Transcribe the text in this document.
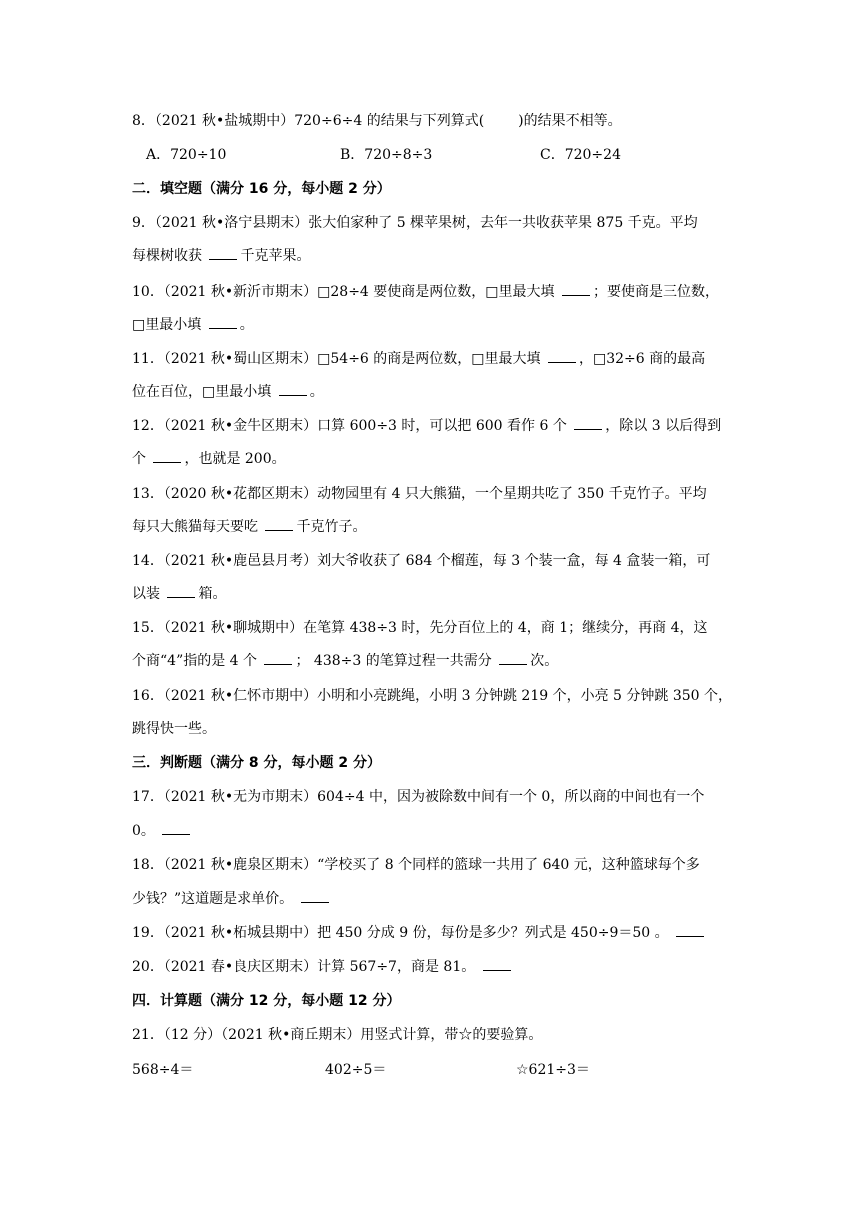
8．（2021 秋•盐城期中）720÷6÷4 的结果与下列算式( )的结果不相等。
A．720÷10	B．720÷8÷3	C．720÷24
二．填空题（满分 16 分，每小题 2 分）
9．（2021 秋•洛宁县期末）张大伯家种了 5 棵苹果树，去年一共收获苹果 875 千克。平均
每棵树收获 千克苹果。
10．（2021 秋•新沂市期末）□28÷4 要使商是两位数，□里最大填 ；要使商是三位数，
□里最小填 。
11．（2021 秋•蜀山区期末）□54÷6 的商是两位数，□里最大填 ，□32÷6 商的最高
位在百位，□里最小填 。
12．（2021 秋•金牛区期末）口算 600÷3 时，可以把 600 看作 6 个 ，除以 3 以后得到
个 ，也就是 200。
13．（2020 秋•花都区期末）动物园里有 4 只大熊猫，一个星期共吃了 350 千克竹子。平均
每只大熊猫每天要吃 千克竹子。
14．（2021 秋•鹿邑县月考）刘大爷收获了 684 个榴莲，每 3 个装一盒，每 4 盒装一箱，可
以装 箱。
15．（2021 秋•聊城期中）在笔算 438÷3 时，先分百位上的 4，商 1；继续分，再商 4，这
个商“4”指的是 4 个 ； 438÷3 的笔算过程一共需分 次。
16．（2021 秋•仁怀市期中）小明和小亮跳绳，小明 3 分钟跳 219 个，小亮 5 分钟跳 350 个，
跳得快一些。
三．判断题（满分 8 分，每小题 2 分）
17．（2021 秋•无为市期末）604÷4 中，因为被除数中间有一个 0，所以商的中间也有一个
0。
18．（2021 秋•鹿泉区期末）“学校买了 8 个同样的篮球一共用了 640 元，这种篮球每个多
少钱？”这道题是求单价。
19．（2021 秋•柘城县期中）把 450 分成 9 份，每份是多少？列式是 450÷9＝50 。
20．（2021 春•良庆区期末）计算 567÷7，商是 81。
四．计算题（满分 12 分，每小题 12 分）
21．（12 分）（2021 秋•商丘期末）用竖式计算，带☆的要验算。
568÷4＝	402÷5＝	☆621÷3＝
